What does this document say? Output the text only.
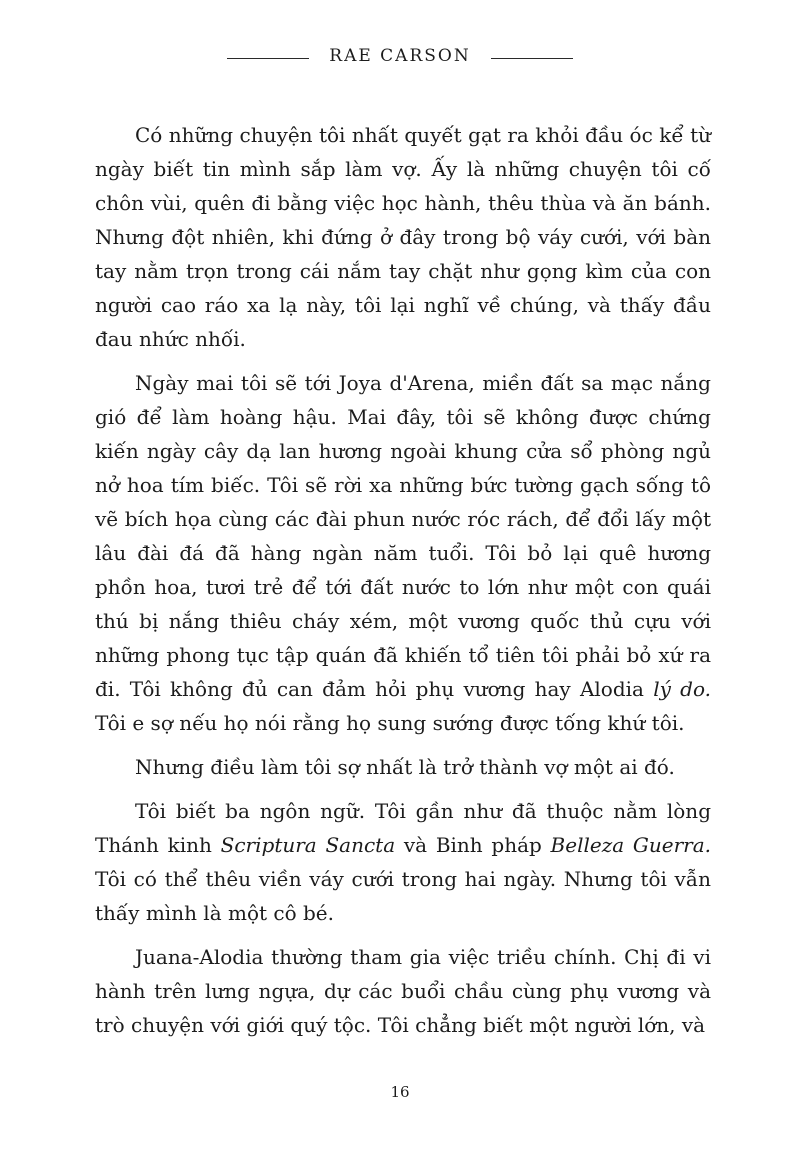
RAE CARSON

Có những chuyện tôi nhất quyết gạt ra khỏi đầu óc kể từ ngày biết tin mình sắp làm vợ. Ấy là những chuyện tôi cố chôn vùi, quên đi bằng việc học hành, thêu thùa và ăn bánh. Nhưng đột nhiên, khi đứng ở đây trong bộ váy cưới, với bàn tay nằm trọn trong cái nắm tay chặt như gọng kìm của con người cao ráo xa lạ này, tôi lại nghĩ về chúng, và thấy đầu đau nhức nhối.

Ngày mai tôi sẽ tới Joya d'Arena, miền đất sa mạc nắng gió để làm hoàng hậu. Mai đây, tôi sẽ không được chứng kiến ngày cây dạ lan hương ngoài khung cửa sổ phòng ngủ nở hoa tím biếc. Tôi sẽ rời xa những bức tường gạch sống tô vẽ bích họa cùng các đài phun nước róc rách, để đổi lấy một lâu đài đá đã hàng ngàn năm tuổi. Tôi bỏ lại quê hương phồn hoa, tươi trẻ để tới đất nước to lớn như một con quái thú bị nắng thiêu cháy xém, một vương quốc thủ cựu với những phong tục tập quán đã khiến tổ tiên tôi phải bỏ xứ ra đi. Tôi không đủ can đảm hỏi phụ vương hay Alodia lý do. Tôi e sợ nếu họ nói rằng họ sung sướng được tống khứ tôi.

Nhưng điều làm tôi sợ nhất là trở thành vợ một ai đó.

Tôi biết ba ngôn ngữ. Tôi gần như đã thuộc nằm lòng Thánh kinh Scriptura Sancta và Binh pháp Belleza Guerra. Tôi có thể thêu viền váy cưới trong hai ngày. Nhưng tôi vẫn thấy mình là một cô bé.

Juana-Alodia thường tham gia việc triều chính. Chị đi vi hành trên lưng ngựa, dự các buổi chầu cùng phụ vương và trò chuyện với giới quý tộc. Tôi chẳng biết một người lớn, và

16
